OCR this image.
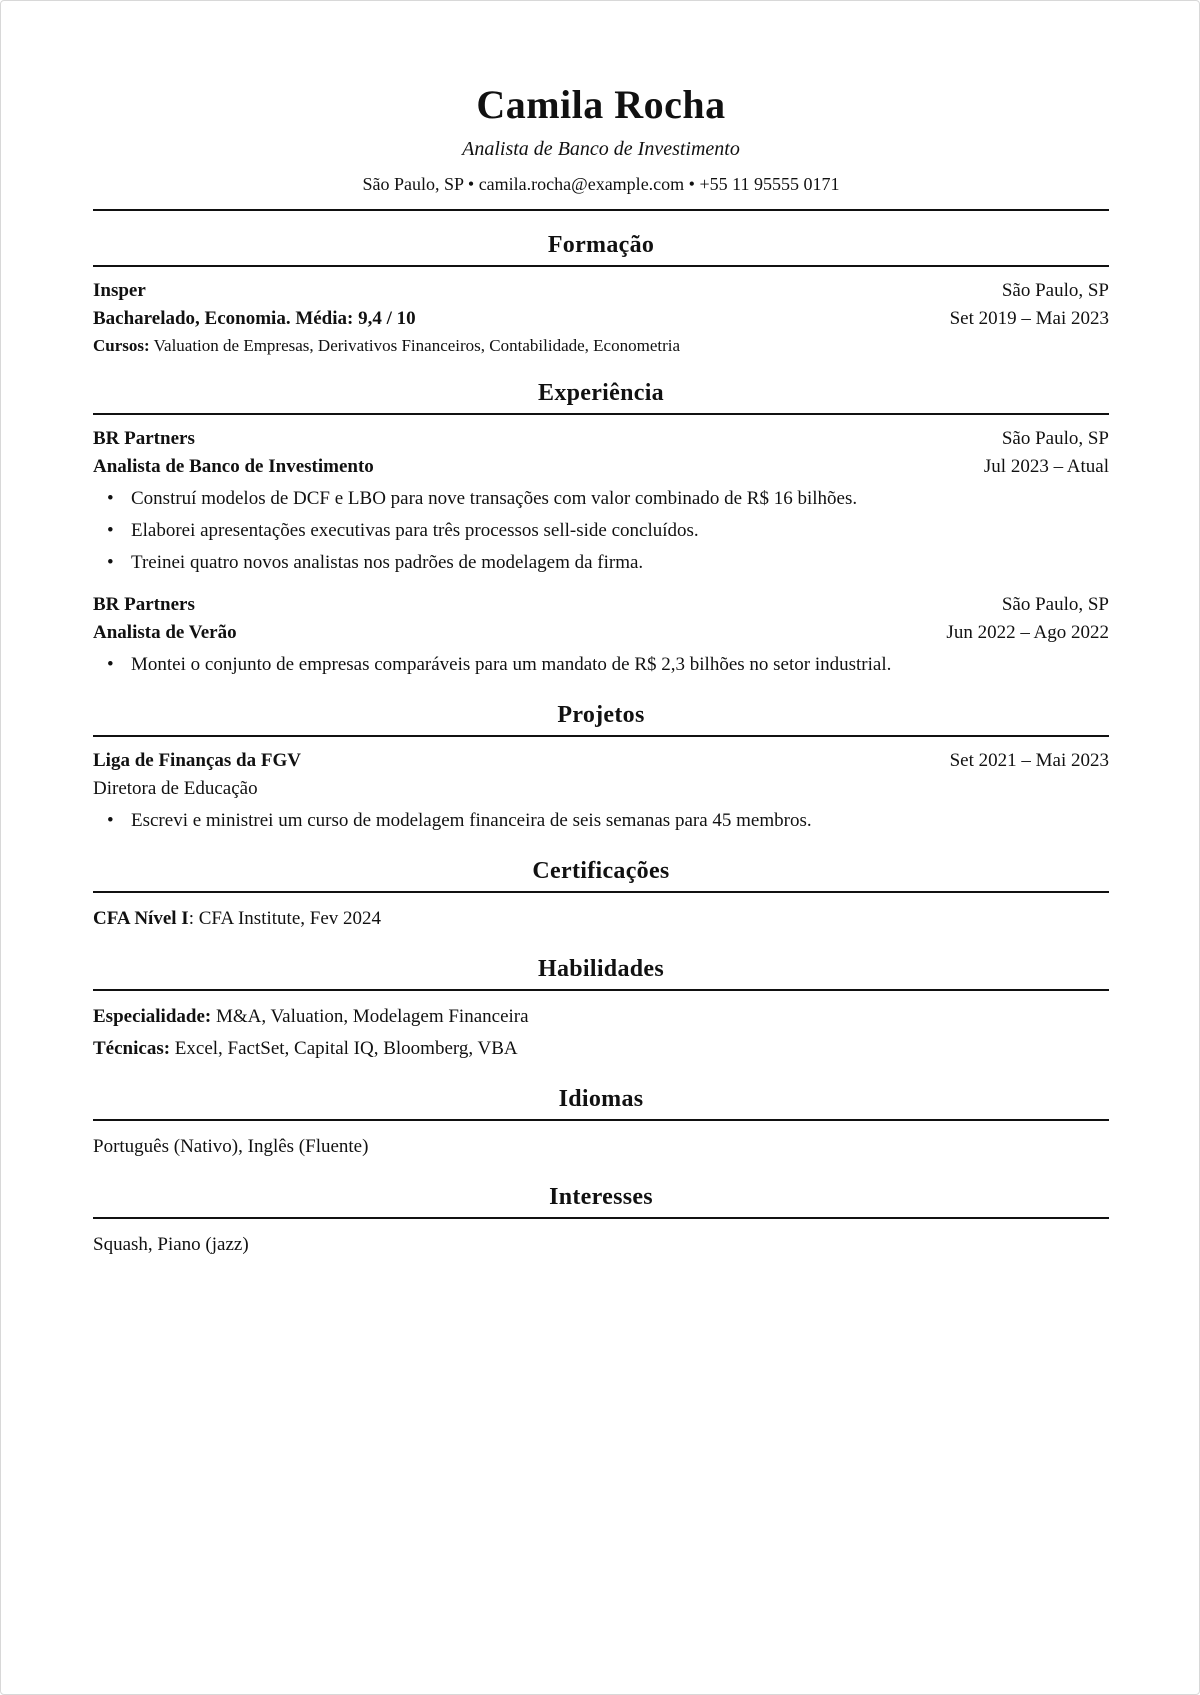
Camila Rocha
Analista de Banco de Investimento
São Paulo, SP • camila.rocha@example.com • +55 11 95555 0171
Formação
Insper	São Paulo, SP
Bacharelado, Economia. Média: 9,4 / 10	Set 2019 – Mai 2023
Cursos: Valuation de Empresas, Derivativos Financeiros, Contabilidade, Econometria
Experiência
BR Partners	São Paulo, SP
Analista de Banco de Investimento	Jul 2023 – Atual
• Construí modelos de DCF e LBO para nove transações com valor combinado de R$ 16 bilhões.
• Elaborei apresentações executivas para três processos sell-side concluídos.
• Treinei quatro novos analistas nos padrões de modelagem da firma.
BR Partners	São Paulo, SP
Analista de Verão	Jun 2022 – Ago 2022
• Montei o conjunto de empresas comparáveis para um mandato de R$ 2,3 bilhões no setor industrial.
Projetos
Liga de Finanças da FGV	Set 2021 – Mai 2023
Diretora de Educação
• Escrevi e ministrei um curso de modelagem financeira de seis semanas para 45 membros.
Certificações
CFA Nível I: CFA Institute, Fev 2024
Habilidades
Especialidade: M&A, Valuation, Modelagem Financeira
Técnicas: Excel, FactSet, Capital IQ, Bloomberg, VBA
Idiomas
Português (Nativo), Inglês (Fluente)
Interesses
Squash, Piano (jazz)
